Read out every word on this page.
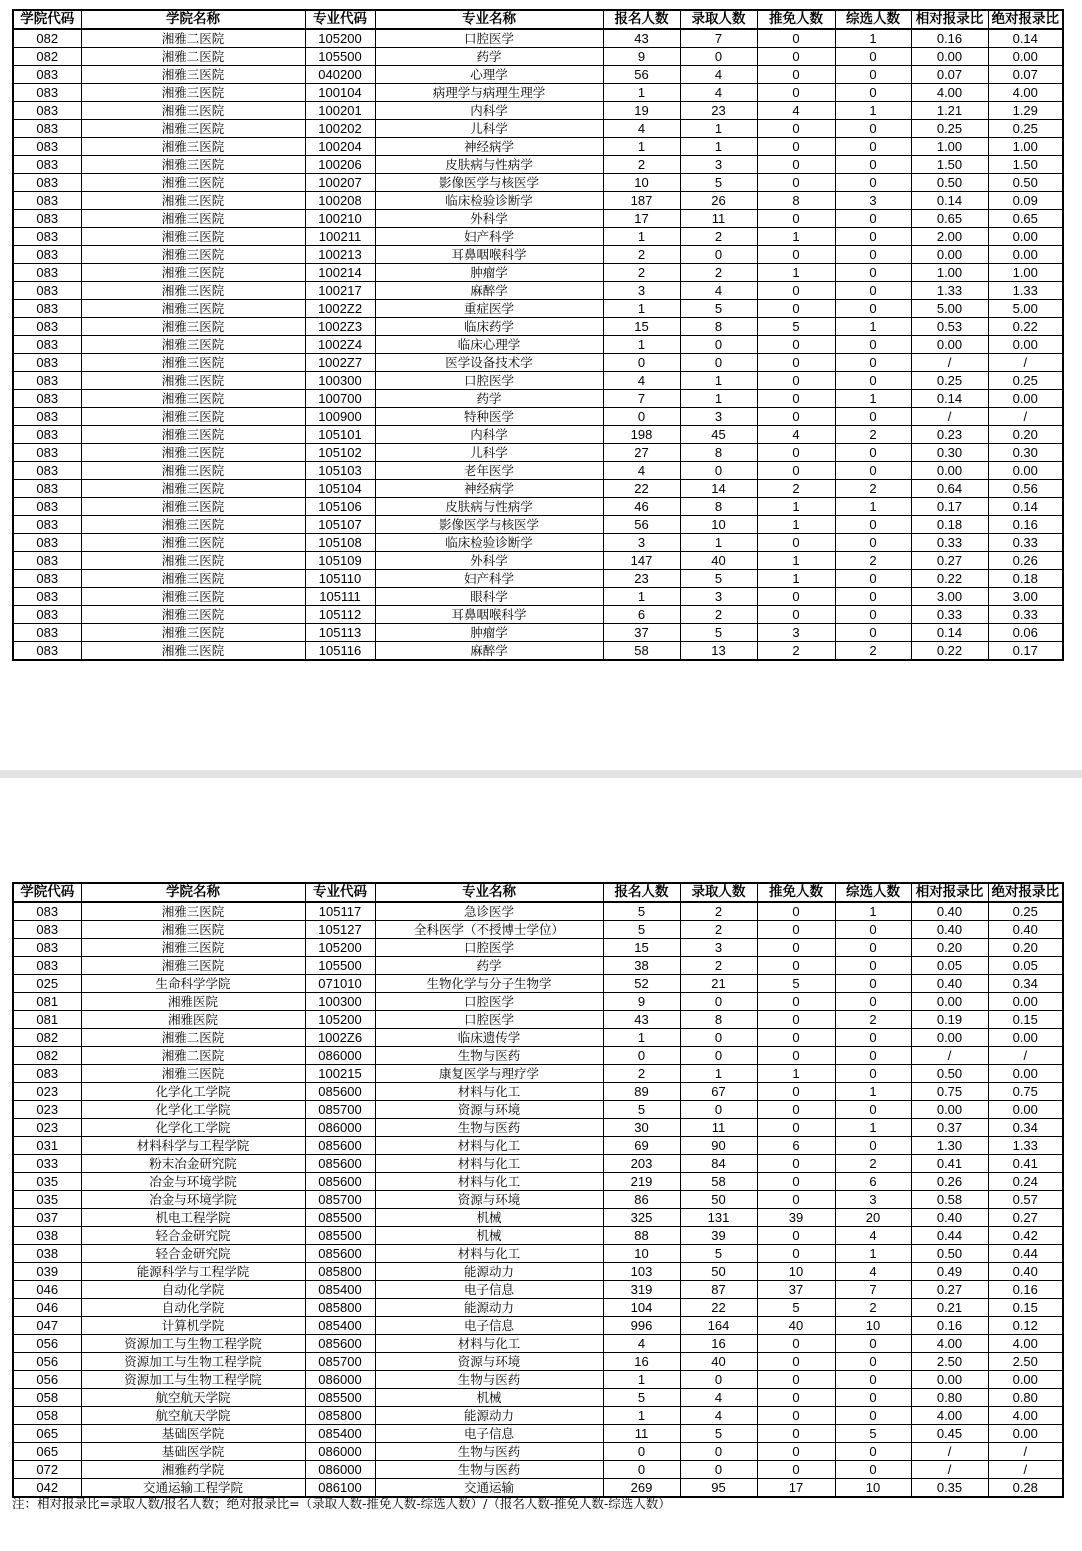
学院代码	学院名称	专业代码	专业名称	报名人数	录取人数	推免人数	综选人数	相对报录比	绝对报录比
082	湘雅二医院	105200	口腔医学	43	7	0	1	0.16	0.14
082	湘雅二医院	105500	药学	9	0	0	0	0.00	0.00
083	湘雅三医院	040200	心理学	56	4	0	0	0.07	0.07
083	湘雅三医院	100104	病理学与病理生理学	1	4	0	0	4.00	4.00
083	湘雅三医院	100201	内科学	19	23	4	1	1.21	1.29
083	湘雅三医院	100202	儿科学	4	1	0	0	0.25	0.25
083	湘雅三医院	100204	神经病学	1	1	0	0	1.00	1.00
083	湘雅三医院	100206	皮肤病与性病学	2	3	0	0	1.50	1.50
083	湘雅三医院	100207	影像医学与核医学	10	5	0	0	0.50	0.50
083	湘雅三医院	100208	临床检验诊断学	187	26	8	3	0.14	0.09
083	湘雅三医院	100210	外科学	17	11	0	0	0.65	0.65
083	湘雅三医院	100211	妇产科学	1	2	1	0	2.00	0.00
083	湘雅三医院	100213	耳鼻咽喉科学	2	0	0	0	0.00	0.00
083	湘雅三医院	100214	肿瘤学	2	2	1	0	1.00	1.00
083	湘雅三医院	100217	麻醉学	3	4	0	0	1.33	1.33
083	湘雅三医院	1002Z2	重症医学	1	5	0	0	5.00	5.00
083	湘雅三医院	1002Z3	临床药学	15	8	5	1	0.53	0.22
083	湘雅三医院	1002Z4	临床心理学	1	0	0	0	0.00	0.00
083	湘雅三医院	1002Z7	医学设备技术学	0	0	0	0	/	/
083	湘雅三医院	100300	口腔医学	4	1	0	0	0.25	0.25
083	湘雅三医院	100700	药学	7	1	0	1	0.14	0.00
083	湘雅三医院	100900	特种医学	0	3	0	0	/	/
083	湘雅三医院	105101	内科学	198	45	4	2	0.23	0.20
083	湘雅三医院	105102	儿科学	27	8	0	0	0.30	0.30
083	湘雅三医院	105103	老年医学	4	0	0	0	0.00	0.00
083	湘雅三医院	105104	神经病学	22	14	2	2	0.64	0.56
083	湘雅三医院	105106	皮肤病与性病学	46	8	1	1	0.17	0.14
083	湘雅三医院	105107	影像医学与核医学	56	10	1	0	0.18	0.16
083	湘雅三医院	105108	临床检验诊断学	3	1	0	0	0.33	0.33
083	湘雅三医院	105109	外科学	147	40	1	2	0.27	0.26
083	湘雅三医院	105110	妇产科学	23	5	1	0	0.22	0.18
083	湘雅三医院	105111	眼科学	1	3	0	0	3.00	3.00
083	湘雅三医院	105112	耳鼻咽喉科学	6	2	0	0	0.33	0.33
083	湘雅三医院	105113	肿瘤学	37	5	3	0	0.14	0.06
083	湘雅三医院	105116	麻醉学	58	13	2	2	0.22	0.17
学院代码	学院名称	专业代码	专业名称	报名人数	录取人数	推免人数	综选人数	相对报录比	绝对报录比
083	湘雅三医院	105117	急诊医学	5	2	0	1	0.40	0.25
083	湘雅三医院	105127	全科医学（不授博士学位）	5	2	0	0	0.40	0.40
083	湘雅三医院	105200	口腔医学	15	3	0	0	0.20	0.20
083	湘雅三医院	105500	药学	38	2	0	0	0.05	0.05
025	生命科学学院	071010	生物化学与分子生物学	52	21	5	0	0.40	0.34
081	湘雅医院	100300	口腔医学	9	0	0	0	0.00	0.00
081	湘雅医院	105200	口腔医学	43	8	0	2	0.19	0.15
082	湘雅二医院	1002Z6	临床遗传学	1	0	0	0	0.00	0.00
082	湘雅二医院	086000	生物与医药	0	0	0	0	/	/
083	湘雅三医院	100215	康复医学与理疗学	2	1	1	0	0.50	0.00
023	化学化工学院	085600	材料与化工	89	67	0	1	0.75	0.75
023	化学化工学院	085700	资源与环境	5	0	0	0	0.00	0.00
023	化学化工学院	086000	生物与医药	30	11	0	1	0.37	0.34
031	材料科学与工程学院	085600	材料与化工	69	90	6	0	1.30	1.33
033	粉末冶金研究院	085600	材料与化工	203	84	0	2	0.41	0.41
035	冶金与环境学院	085600	材料与化工	219	58	0	6	0.26	0.24
035	冶金与环境学院	085700	资源与环境	86	50	0	3	0.58	0.57
037	机电工程学院	085500	机械	325	131	39	20	0.40	0.27
038	轻合金研究院	085500	机械	88	39	0	4	0.44	0.42
038	轻合金研究院	085600	材料与化工	10	5	0	1	0.50	0.44
039	能源科学与工程学院	085800	能源动力	103	50	10	4	0.49	0.40
046	自动化学院	085400	电子信息	319	87	37	7	0.27	0.16
046	自动化学院	085800	能源动力	104	22	5	2	0.21	0.15
047	计算机学院	085400	电子信息	996	164	40	10	0.16	0.12
056	资源加工与生物工程学院	085600	材料与化工	4	16	0	0	4.00	4.00
056	资源加工与生物工程学院	085700	资源与环境	16	40	0	0	2.50	2.50
056	资源加工与生物工程学院	086000	生物与医药	1	0	0	0	0.00	0.00
058	航空航天学院	085500	机械	5	4	0	0	0.80	0.80
058	航空航天学院	085800	能源动力	1	4	0	0	4.00	4.00
065	基础医学院	085400	电子信息	11	5	0	5	0.45	0.00
065	基础医学院	086000	生物与医药	0	0	0	0	/	/
072	湘雅药学院	086000	生物与医药	0	0	0	0	/	/
042	交通运输工程学院	086100	交通运输	269	95	17	10	0.35	0.28
注：相对报录比=录取人数/报名人数；绝对报录比=（录取人数-推免人数-综选人数）/（报名人数-推免人数-综选人数）
